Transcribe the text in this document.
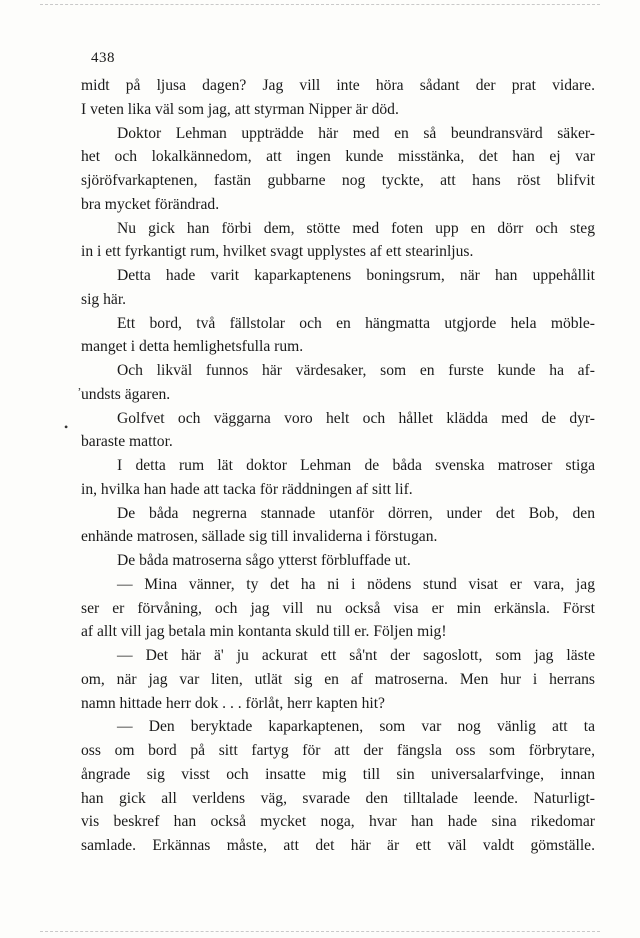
438
midt på ljusa dagen? Jag vill inte höra sådant der prat vidare.
I veten lika väl som jag, att styrman Nipper är död.
Doktor Lehman uppträdde här med en så beundransvärd säker-
het och lokalkännedom, att ingen kunde misstänka, det han ej var
sjöröfvarkaptenen, fastän gubbarne nog tyckte, att hans röst blifvit
bra mycket förändrad.
Nu gick han förbi dem, stötte med foten upp en dörr och steg
in i ett fyrkantigt rum, hvilket svagt upplystes af ett stearinljus.
Detta hade varit kaparkaptenens boningsrum, när han uppehållit
sig här.
Ett bord, två fällstolar och en hängmatta utgjorde hela möble-
manget i detta hemlighetsfulla rum.
Och likväl funnos här värdesaker, som en furste kunde ha af-
undsts ägaren.
Golfvet och väggarna voro helt och hållet klädda med de dyr-
baraste mattor.
I detta rum lät doktor Lehman de båda svenska matroser stiga
in, hvilka han hade att tacka för räddningen af sitt lif.
De båda negrerna stannade utanför dörren, under det Bob, den
enhände matrosen, sällade sig till invaliderna i förstugan.
De båda matroserna sågo ytterst förbluffade ut.
— Mina vänner, ty det ha ni i nödens stund visat er vara, jag
ser er förvåning, och jag vill nu också visa er min erkänsla. Först
af allt vill jag betala min kontanta skuld till er. Följen mig!
— Det här ä' ju ackurat ett så'nt der sagoslott, som jag läste
om, när jag var liten, utlät sig en af matroserna. Men hur i herrans
namn hittade herr dok . . . förlåt, herr kapten hit?
— Den beryktade kaparkaptenen, som var nog vänlig att ta
oss om bord på sitt fartyg för att der fängsla oss som förbrytare,
ångrade sig visst och insatte mig till sin universalarfvinge, innan
han gick all verldens väg, svarade den tilltalade leende. Naturligt-
vis beskref han också mycket noga, hvar han hade sina rikedomar
samlade. Erkännas måste, att det här är ett väl valdt gömställe.
,
•
